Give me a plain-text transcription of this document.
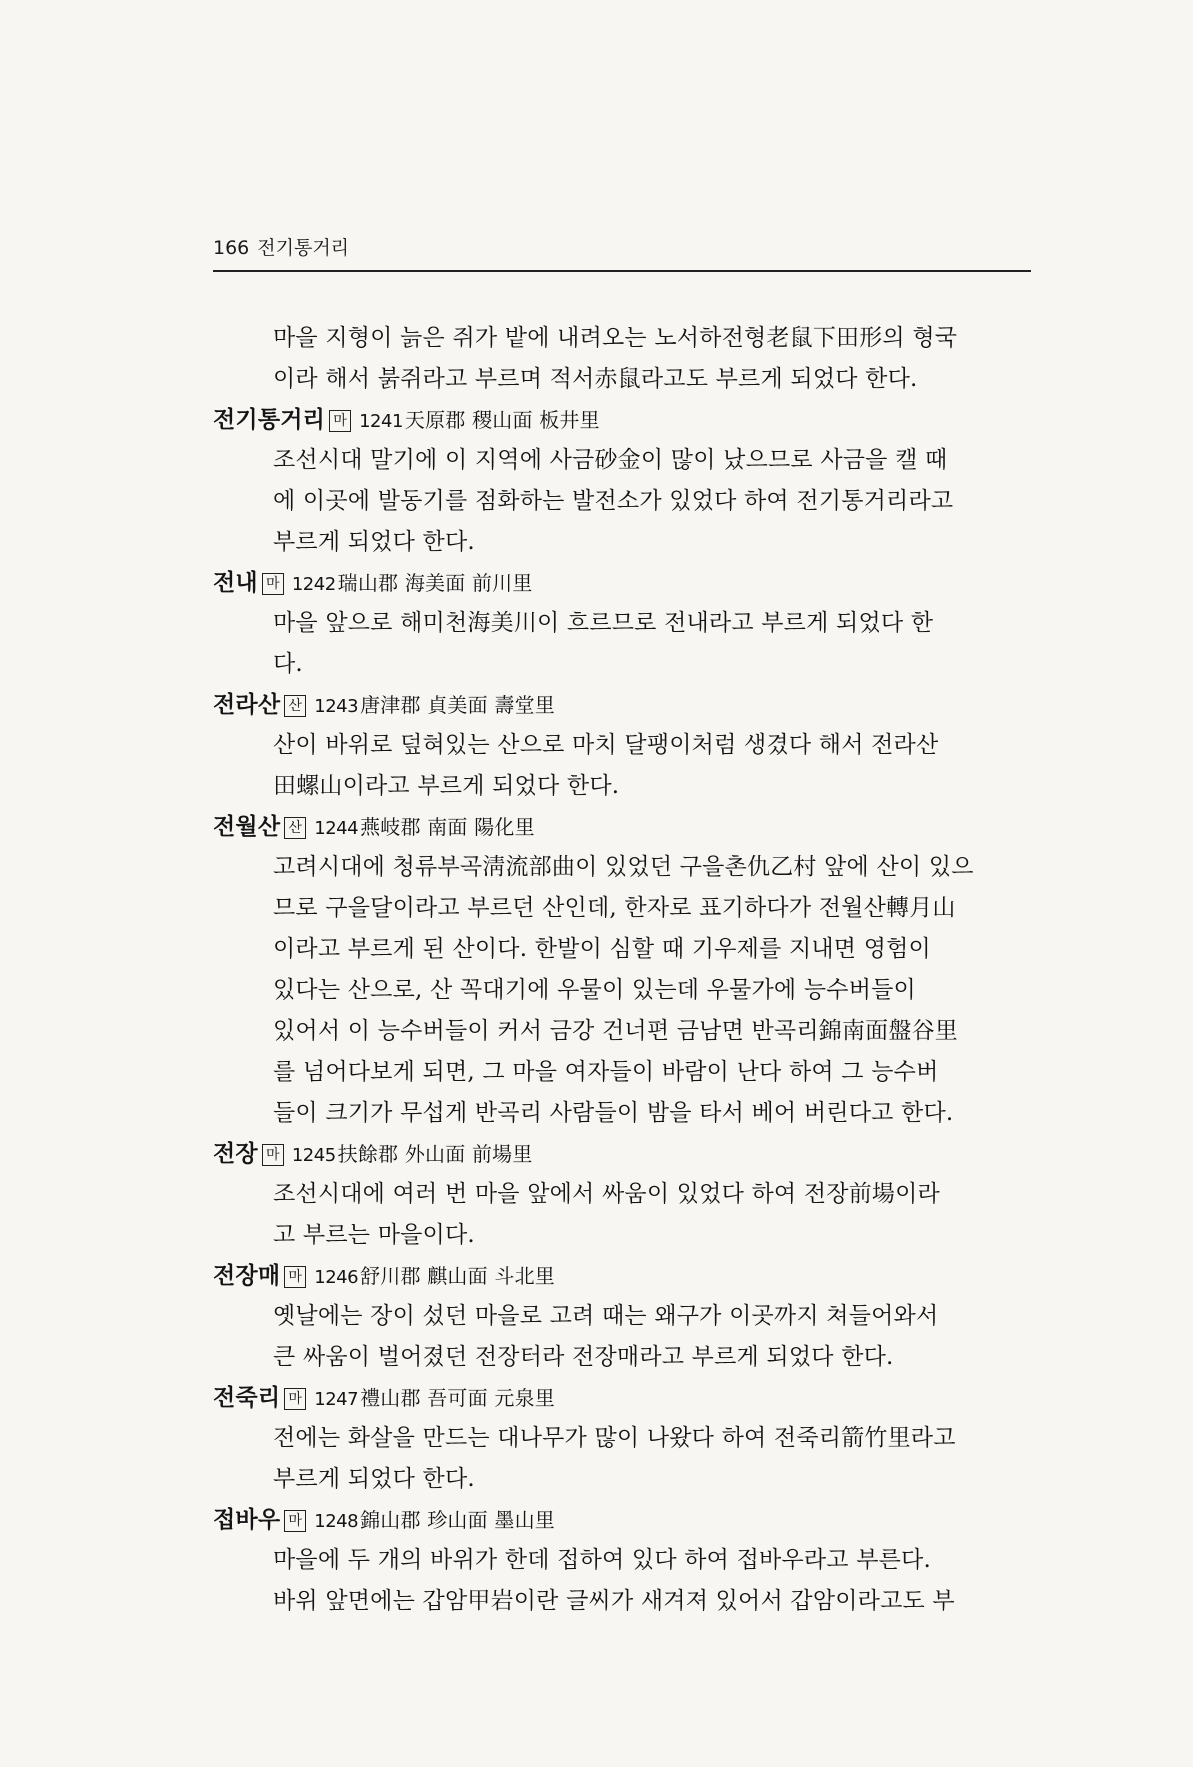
166 전기통거리
마을 지형이 늙은 쥐가 밭에 내려오는 노서하전형老鼠下田形의 형국
이라 해서 붉쥐라고 부르며 적서赤鼠라고도 부르게 되었다 한다.
전기통거리 마 1241 天原郡 稷山面 板井里
조선시대 말기에 이 지역에 사금砂金이 많이 났으므로 사금을 캘 때
에 이곳에 발동기를 점화하는 발전소가 있었다 하여 전기통거리라고
부르게 되었다 한다.
전내 마 1242 瑞山郡 海美面 前川里
마을 앞으로 해미천海美川이 흐르므로 전내라고 부르게 되었다 한
다.
전라산 산 1243 唐津郡 貞美面 壽堂里
산이 바위로 덮혀있는 산으로 마치 달팽이처럼 생겼다 해서 전라산
田螺山이라고 부르게 되었다 한다.
전월산 산 1244 燕岐郡 南面 陽化里
고려시대에 청류부곡淸流部曲이 있었던 구을촌仇乙村 앞에 산이 있으
므로 구을달이라고 부르던 산인데, 한자로 표기하다가 전월산轉月山
이라고 부르게 된 산이다. 한발이 심할 때 기우제를 지내면 영험이
있다는 산으로, 산 꼭대기에 우물이 있는데 우물가에 능수버들이
있어서 이 능수버들이 커서 금강 건너편 금남면 반곡리錦南面盤谷里
를 넘어다보게 되면, 그 마을 여자들이 바람이 난다 하여 그 능수버
들이 크기가 무섭게 반곡리 사람들이 밤을 타서 베어 버린다고 한다.
전장 마 1245 扶餘郡 外山面 前場里
조선시대에 여러 번 마을 앞에서 싸움이 있었다 하여 전장前場이라
고 부르는 마을이다.
전장매 마 1246 舒川郡 麒山面 斗北里
옛날에는 장이 섰던 마을로 고려 때는 왜구가 이곳까지 쳐들어와서
큰 싸움이 벌어졌던 전장터라 전장매라고 부르게 되었다 한다.
전죽리 마 1247 禮山郡 吾可面 元泉里
전에는 화살을 만드는 대나무가 많이 나왔다 하여 전죽리箭竹里라고
부르게 되었다 한다.
접바우 마 1248 錦山郡 珍山面 墨山里
마을에 두 개의 바위가 한데 접하여 있다 하여 접바우라고 부른다.
바위 앞면에는 갑암甲岩이란 글씨가 새겨져 있어서 갑암이라고도 부
